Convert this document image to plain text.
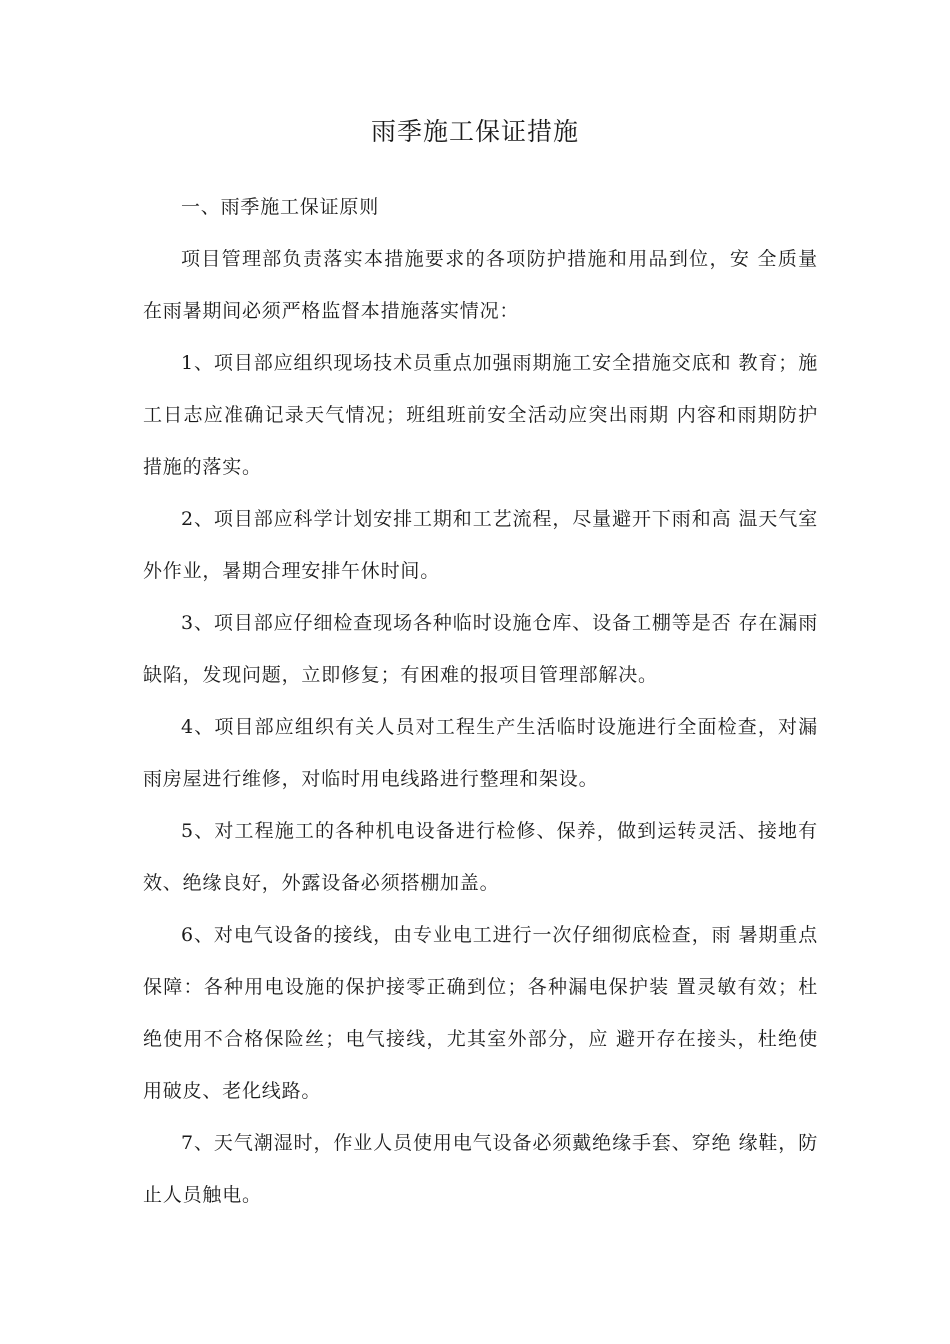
雨季施工保证措施

一、雨季施工保证原则

项目管理部负责落实本措施要求的各项防护措施和用品到位，安 全质量在雨暑期间必须严格监督本措施落实情况：

1、项目部应组织现场技术员重点加强雨期施工安全措施交底和 教育；施工日志应准确记录天气情况；班组班前安全活动应突出雨期 内容和雨期防护措施的落实。

2、项目部应科学计划安排工期和工艺流程，尽量避开下雨和高 温天气室外作业，暑期合理安排午休时间。

3、项目部应仔细检查现场各种临时设施仓库、设备工棚等是否 存在漏雨缺陷，发现问题，立即修复；有困难的报项目管理部解决。

4、项目部应组织有关人员对工程生产生活临时设施进行全面检查，对漏雨房屋进行维修，对临时用电线路进行整理和架设。

5、对工程施工的各种机电设备进行检修、保养，做到运转灵活、接地有效、绝缘良好，外露设备必须搭棚加盖。

6、对电气设备的接线，由专业电工进行一次仔细彻底检查，雨 暑期重点保障：各种用电设施的保护接零正确到位；各种漏电保护装 置灵敏有效；杜绝使用不合格保险丝；电气接线，尤其室外部分，应 避开存在接头，杜绝使用破皮、老化线路。

7、天气潮湿时，作业人员使用电气设备必须戴绝缘手套、穿绝 缘鞋，防止人员触电。
